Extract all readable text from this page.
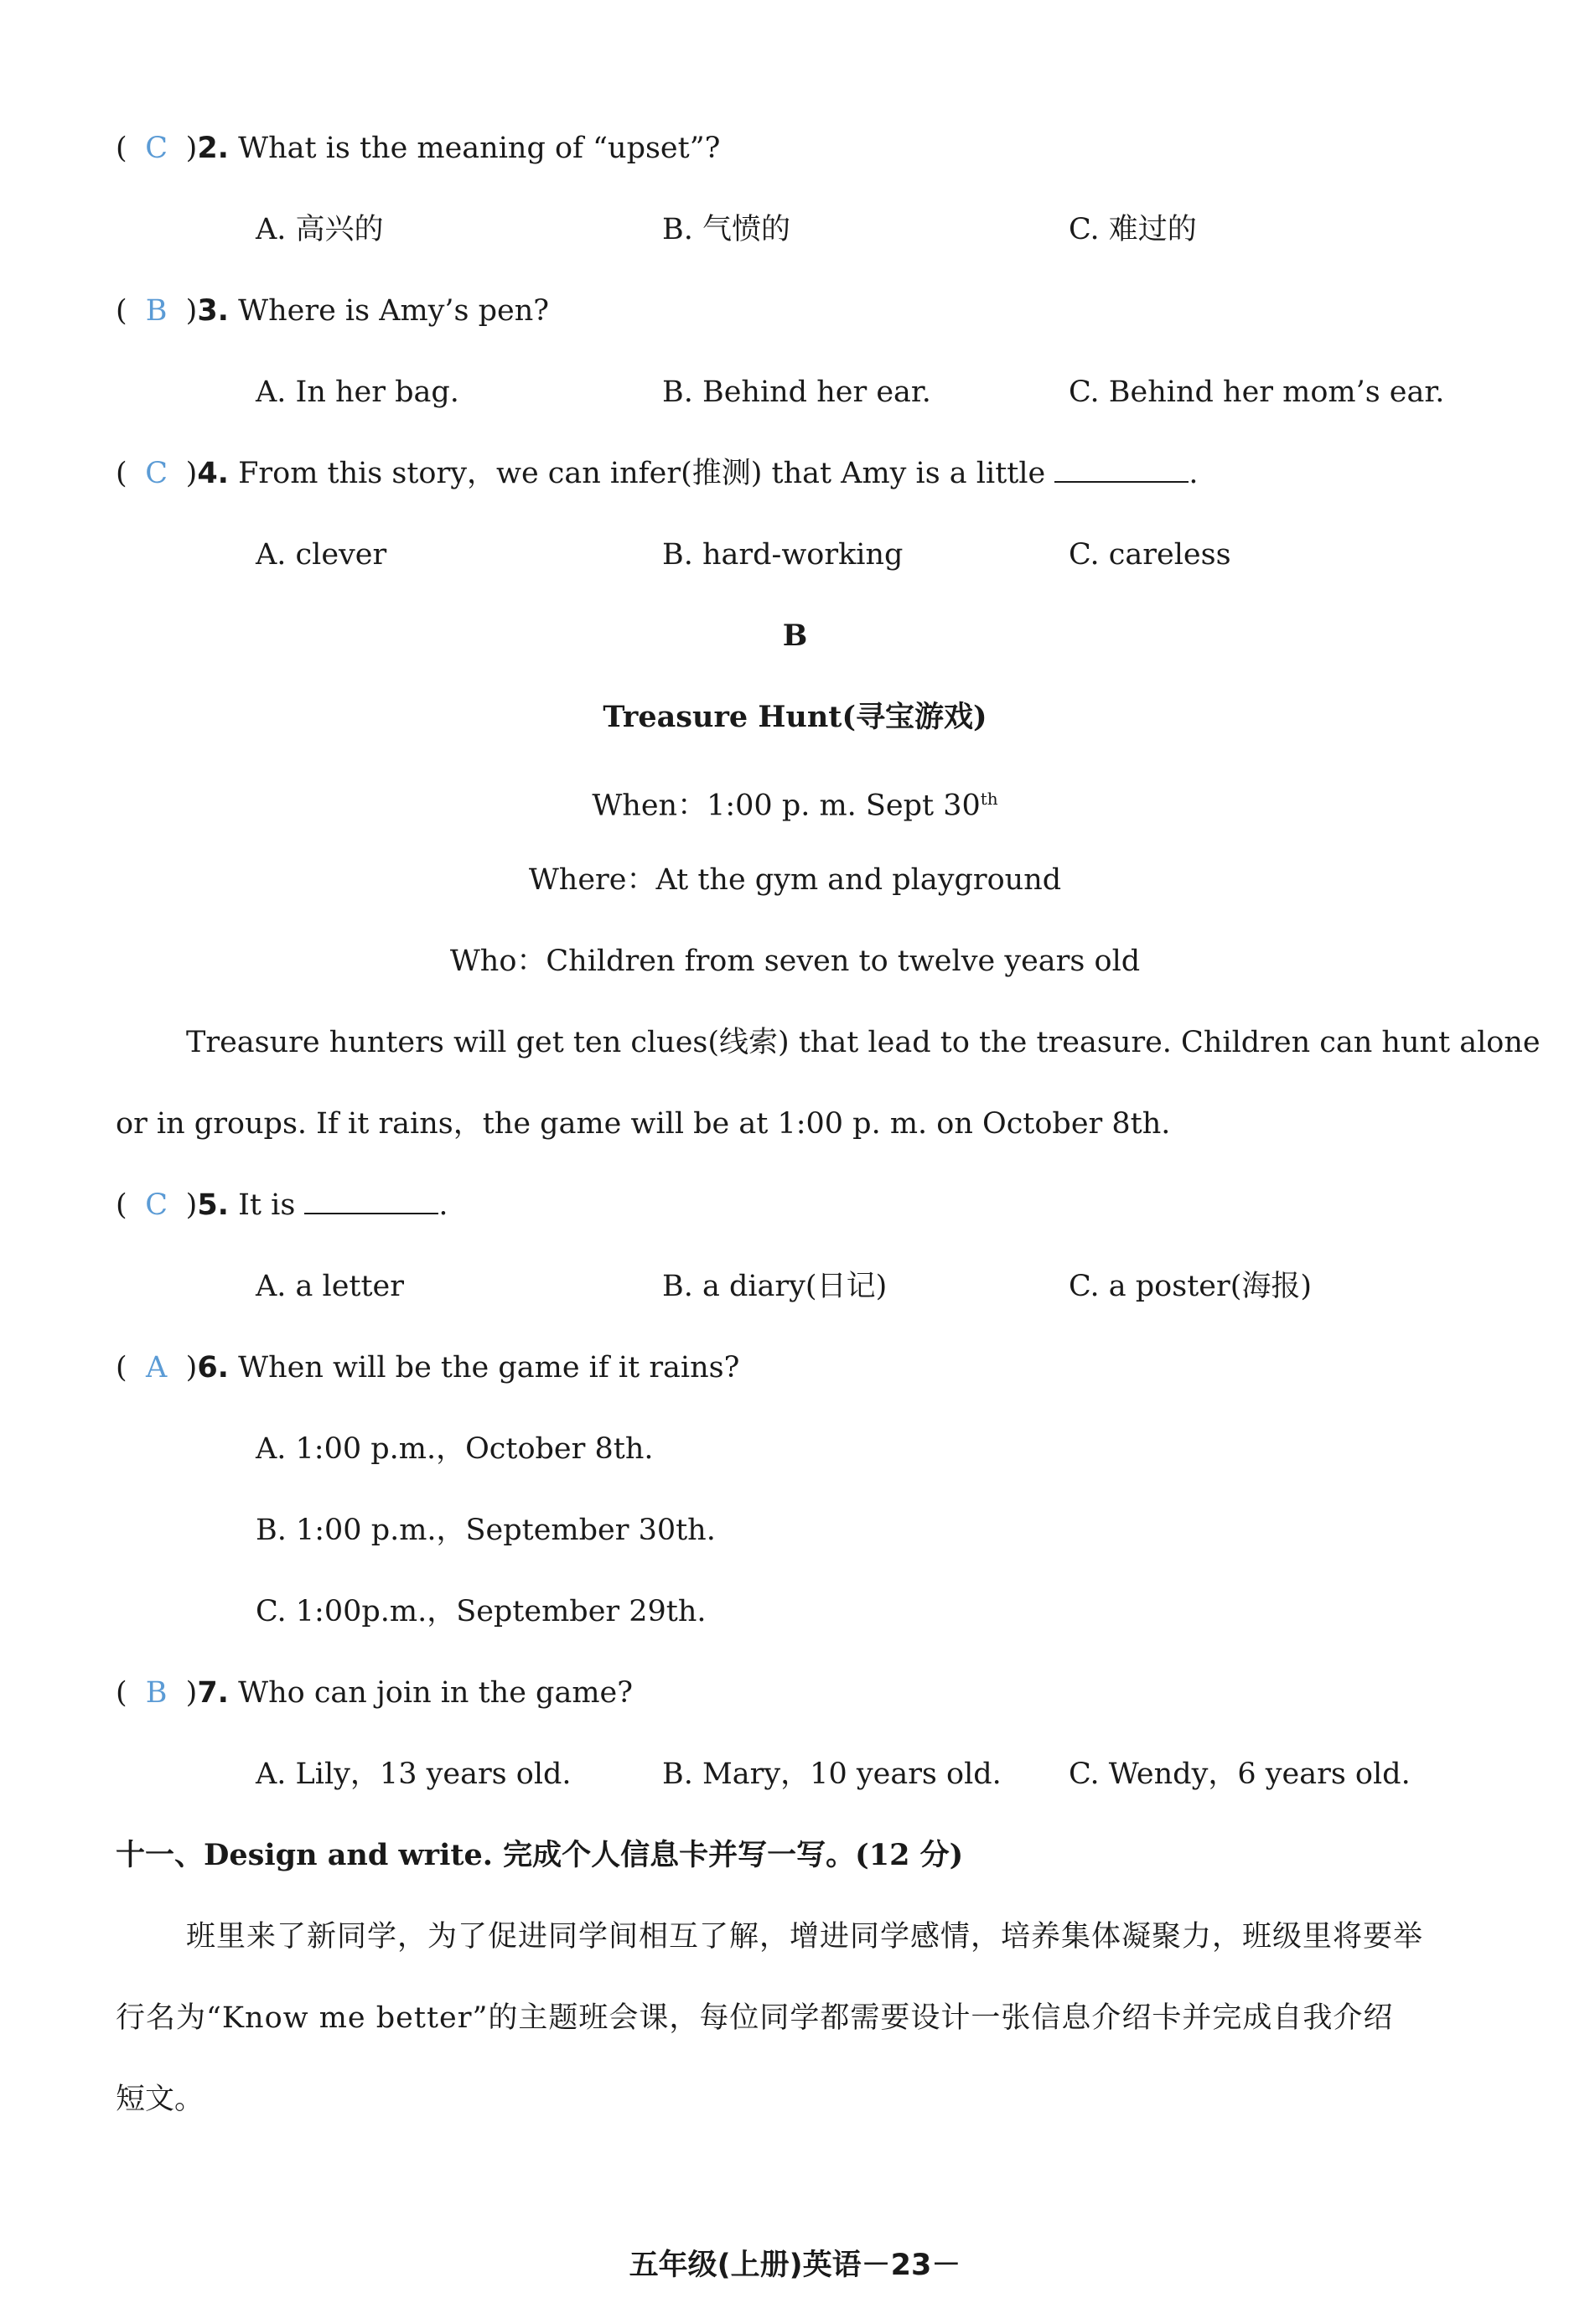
( C )2. What is the meaning of “upset”?
A. 高兴的	B. 气愤的	C. 难过的
( B )3. Where is Amy’s pen?
A. In her bag.	B. Behind her ear.	C. Behind her mom’s ear.
( C )4. From this story，we can infer(推测) that Amy is a little	.
A. clever	B. hard-working	C. careless
B
Treasure Hunt(寻宝游戏)
When：1:00 p. m. Sept 30th
Where：At the gym and playground
Who：Children from seven to twelve years old
Treasure hunters will get ten clues(线索) that lead to the treasure. Children can hunt alone
or in groups. If it rains，the game will be at 1:00 p. m. on October 8th.
( C )5. It is	.
A. a letter	B. a diary(日记)	C. a poster(海报)
( A )6. When will be the game if it rains?
A. 1:00 p.m.，October 8th.
B. 1:00 p.m.，September 30th.
C. 1:00p.m.，September 29th.
( B )7. Who can join in the game?
A. Lily，13 years old.	B. Mary，10 years old. C. Wendy，6 years old.
十一、Design and write. 完成个人信息卡并写一写。(12 分)
班里来了新同学，为了促进同学间相互了解，增进同学感情，培养集体凝聚力，班级里将要举
行名为“Know me better”的主题班会课，每位同学都需要设计一张信息介绍卡并完成自我介绍
短文。
五年级(上册)英语－23－
